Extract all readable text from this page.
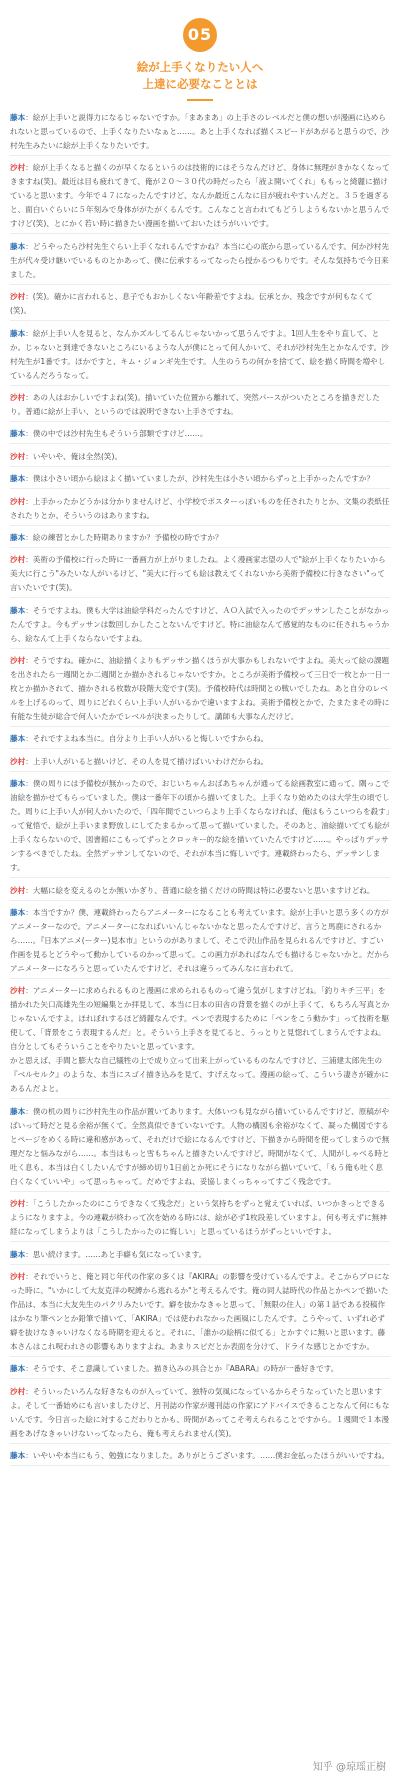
05
絵が上手くなりたい人へ
上達に必要なこととは

藤本：絵が上手いと説得力になるじゃないですか。「まあまあ」の上手さのレベルだと僕の想いが漫画に込められないと思っているので、上手くなりたいなぁと……。あと上手くなれば描くスピードがあがると思うので、沙村先生みたいに絵が上手くなりたいです。

沙村：絵が上手くなると描くのが早くなるというのは技術的にはそうなんだけど、身体に無理がきかなくなってきますね(笑)。最近は目も疲れてきて、俺が２０～３０代の時だったら「液よ開いてくれ」ももっと綺麗に描けていると思います。今年で４７になったんですけど、なんか最近こんなに目が疲れやすいんだと。３５を過ぎると、面白いぐらいに５年刻みで身体ががたがくるんです。こんなこと言われてもどうしようもないかと思うんですけど(笑)、とにかく若い時に描きたい漫画を描いておいたほうがいいです。

藤本：どうやったら沙村先生ぐらい上手くなれるんですかね？本当に心の底から思っているんです。何か沙村先生が代々受け継いでいるものとかあって、僕に伝承するってなったら授かるつもりです。そんな気持ちで今日来ました。

沙村：(笑)。確かに言われると、息子でもおかしくない年齢差ですよね。伝承とか、残念ですが何もなくて(笑)。

藤本：絵が上手い人を見ると、なんかズルしてるんじゃないかって思うんですよ。1回人生をやり直して、とか。じゃないと到達できないところにいるような人が僕にとって何人かいて、それが沙村先生とかなんです。沙村先生が1番です。ほかですと、キム・ジョンギ先生です。人生のうちの何かを捨てて、絵を描く時間を増やしているんだろうなって。

沙村：あの人はおかしいですよね(笑)。描いていた位置から離れて、突然パースがついたところを描きだしたり。普通に絵が上手い、というのでは説明できない上手さですね。

藤本：僕の中では沙村先生もそういう部類ですけど……。

沙村：いやいや、俺は全然(笑)。

藤本：僕は小さい頃から絵はよく描いていましたが、沙村先生は小さい頃からずっと上手かったんですか？

沙村：上手かったかどうかは分かりませんけど、小学校でポスターっぽいものを任されたりとか、文集の表紙任されたりとか、そういうのはありますね。

藤本：絵の練習とかした時期ありますか？予備校の時ですか？

沙村：美術の予備校に行った時に一番画力が上がりましたね。よく漫画家志望の人で"絵が上手くなりたいから美大に行こう"みたいな人がいるけど、"美大に行っても絵は教えてくれないから美術予備校に行きなさい"って言いたいです(笑)。

藤本：そうですよね。僕も大学は油絵学科だったんですけど、ＡＯ入試で入ったのでデッサンしたことがなかったんですよ。今もデッサンは数回しかしたことないんですけど。特に油絵なんて感覚的なものに任されちゃうから、絵なんて上手くならないですよね。

沙村：そうですね。確かに、油絵描くよりもデッサン描くほうが大事かもしれないですよね。美大って絵の課題を出されたら一週間とか二週間とか描かされるじゃないですか。ところが美術予備校って三日で一枚とか一日一枚とか描かされて、描かされる枚数が段階大変です(笑)。予備校時代は時間との戦いでしたね。あと自分のレベルを上げるのって、周りにどれくらい上手い人がいるかで違いますよね。美術予備校とかで、たまたまその時に有能な生徒が総合で何人いたかでレベルが決まったりして。講師も大事なんだけど。

藤本：それですよね本当に。自分より上手い人がいると悔しいですからね。

沙村：上手い人がいると描いけど、その人を見て描けばいいわけだからね。

藤本：僕の周りには予備校が無かったので、おじいちゃんおばあちゃんが通ってる絵画教室に通って、隅っこで油絵を描かせてもらっていました。僕は一番年下の頃から描いてました。上手くなり始めたのは大学生の頃でした。周りに上手い人が何人かいたので、「四年間でこいつらより上手くならなければ、俺はもうこいつらを殺す」って覚悟で、絵が上手いまま野放しにしてたまるかって思って描いていました。そのあと、油絵描いてても絵が上手くならないので、図書館にこもってずっとクロッキー的な絵を描いていたんですけど……。やっぱりデッサンするべきでしたね。全然デッサンしてないので、それが本当に悔しいです。連載終わったら、デッサンします。

沙村：大幅に絵を変えるのとか無いかぎり、普通に絵を描くだけの時間は特に必要ないと思いますけどね。

藤本：本当ですか？僕、連載終わったらアニメーターになることも考えています。絵が上手いと思う多くの方がアニメーターなので。アニメーターになればいいんじゃないかなと思ったんですけど、言うと馬鹿にされるから……。『日本アニメ(ーター)見本市』というのがありまして、そこで沢山作品を見られるんですけど、すごい作画を見るとどうやって動かしているのかって思って。この画力があればなんでも描けるじゃないかと。だからアニメーターになろうと思っていたんですけど、それは違うってみんなに言われて。

沙村：アニメーターに求められるものと漫画に求められるものって違う気がしますけどね。「釣りキチ三平」を描かれた矢口高雄先生の短編集とか拝見して、本当に日本の田舎の背景を描くのが上手くて、もちろん写真とかじゃないんですよ。ほれぼれするほど綺麗なんです。ペンで表現するために「ペンをこう動かす」って技術を駆使して、「背景をこう表現するんだ」と。そういう上手さを見てると、うっとりと見惚れてしまうんですよね。自分としてもそういうことをやりたいと思っています。

かと思えば、手間と膨大な自己犠牲の上で成り立って出来上がっているものなんですけど、三浦建太郎先生の『ベルセルク』のような、本当にスゴイ描き込みを見て、すげえなって。漫画の絵って、こういう凄さが確かにあるんだよと。

藤本：僕の机の周りに沙村先生の作品が置いてあります。大体いつも見ながら描いているんですけど、原稿がやばいって時だと見る余裕が無くて。全然真似できていないです。人物の構図も余裕がなくて、凝った構図でするとページをめくる時に違和感があって、それだけで絵になるんですけど、下描きから時間を使ってしまうので無理だなと悩みながら……。本当はもっと雪もちゃんと描きたいんですけど。時間がなくて、人間がしゃべる時と吐く息も、本当は白くしたいんですが締め切り1日前とか死にそうになりながら描いていて、「もう俺も吐く息白くなくていいや」って思っちゃって。だめですよね、妥協しまくっちゃってすごく残念です。

沙村：「こうしたかったのにこうできなくて残念だ」という気持ちをずっと覚えていれば、いつかきっとできるようになりますよ。今の連載が終わって次を始める時には、絵が必ず1枚段差していますよ。何も考えずに無神経になってしまうよりは「こうしたかったのに悔しい」と思っているほうがずっといいですよ。

藤本：思い続けます。……あと手癖も気になっています。

沙村：それでいうと、俺と同じ年代の作家の多くは『AKIRA』の影響を受けているんですよ。そこからプロになった時に、"いかにして大友克洋の呪縛から逃れるか"と考えるんです。俺の同人誌時代の作品とかペンで描いた作品は、本当に大友先生のパクリみたいです。癖を抜かなきゃと思って、「無限の住人」の第１話である投稿作はかなり筆ペンとか鉛筆で描いて、「AKIRA」では使われなかった画風にしたんです。こうやって、いずれ必ず癖を抜けなきゃいけなくなる時期を迎えると。それに、「誰かの絵柄に似てる」とかすぐに無いと思います。藤本さんはこれ呪われさの影響もありますよね。あまりスビだとか表面を分けて、ドライな感じとかですか。

藤本：そうです、そこ意識していました。描き込みの具合とか『ABARA』の時が一番好きです。

沙村：そういったいろんな好きなものが入っていて、独特の気風になっているからそうなっていたと思いますよ。そして一番始めにも言いましたけど、月刊誌の作家が週刊誌の作家にアドバイスできることなんて何にもないんです。今日言った絵に対するこだわりとかも、時間があってこそ考えられることですから。１週間で１本漫画をあげなきゃいけないってなったら、俺も考えられません(笑)。

藤本：いやいや本当にもう、勉強になりました。ありがとうございます。……僕お金払ったほうがいいですね。

知乎 @琼瑶正樹
